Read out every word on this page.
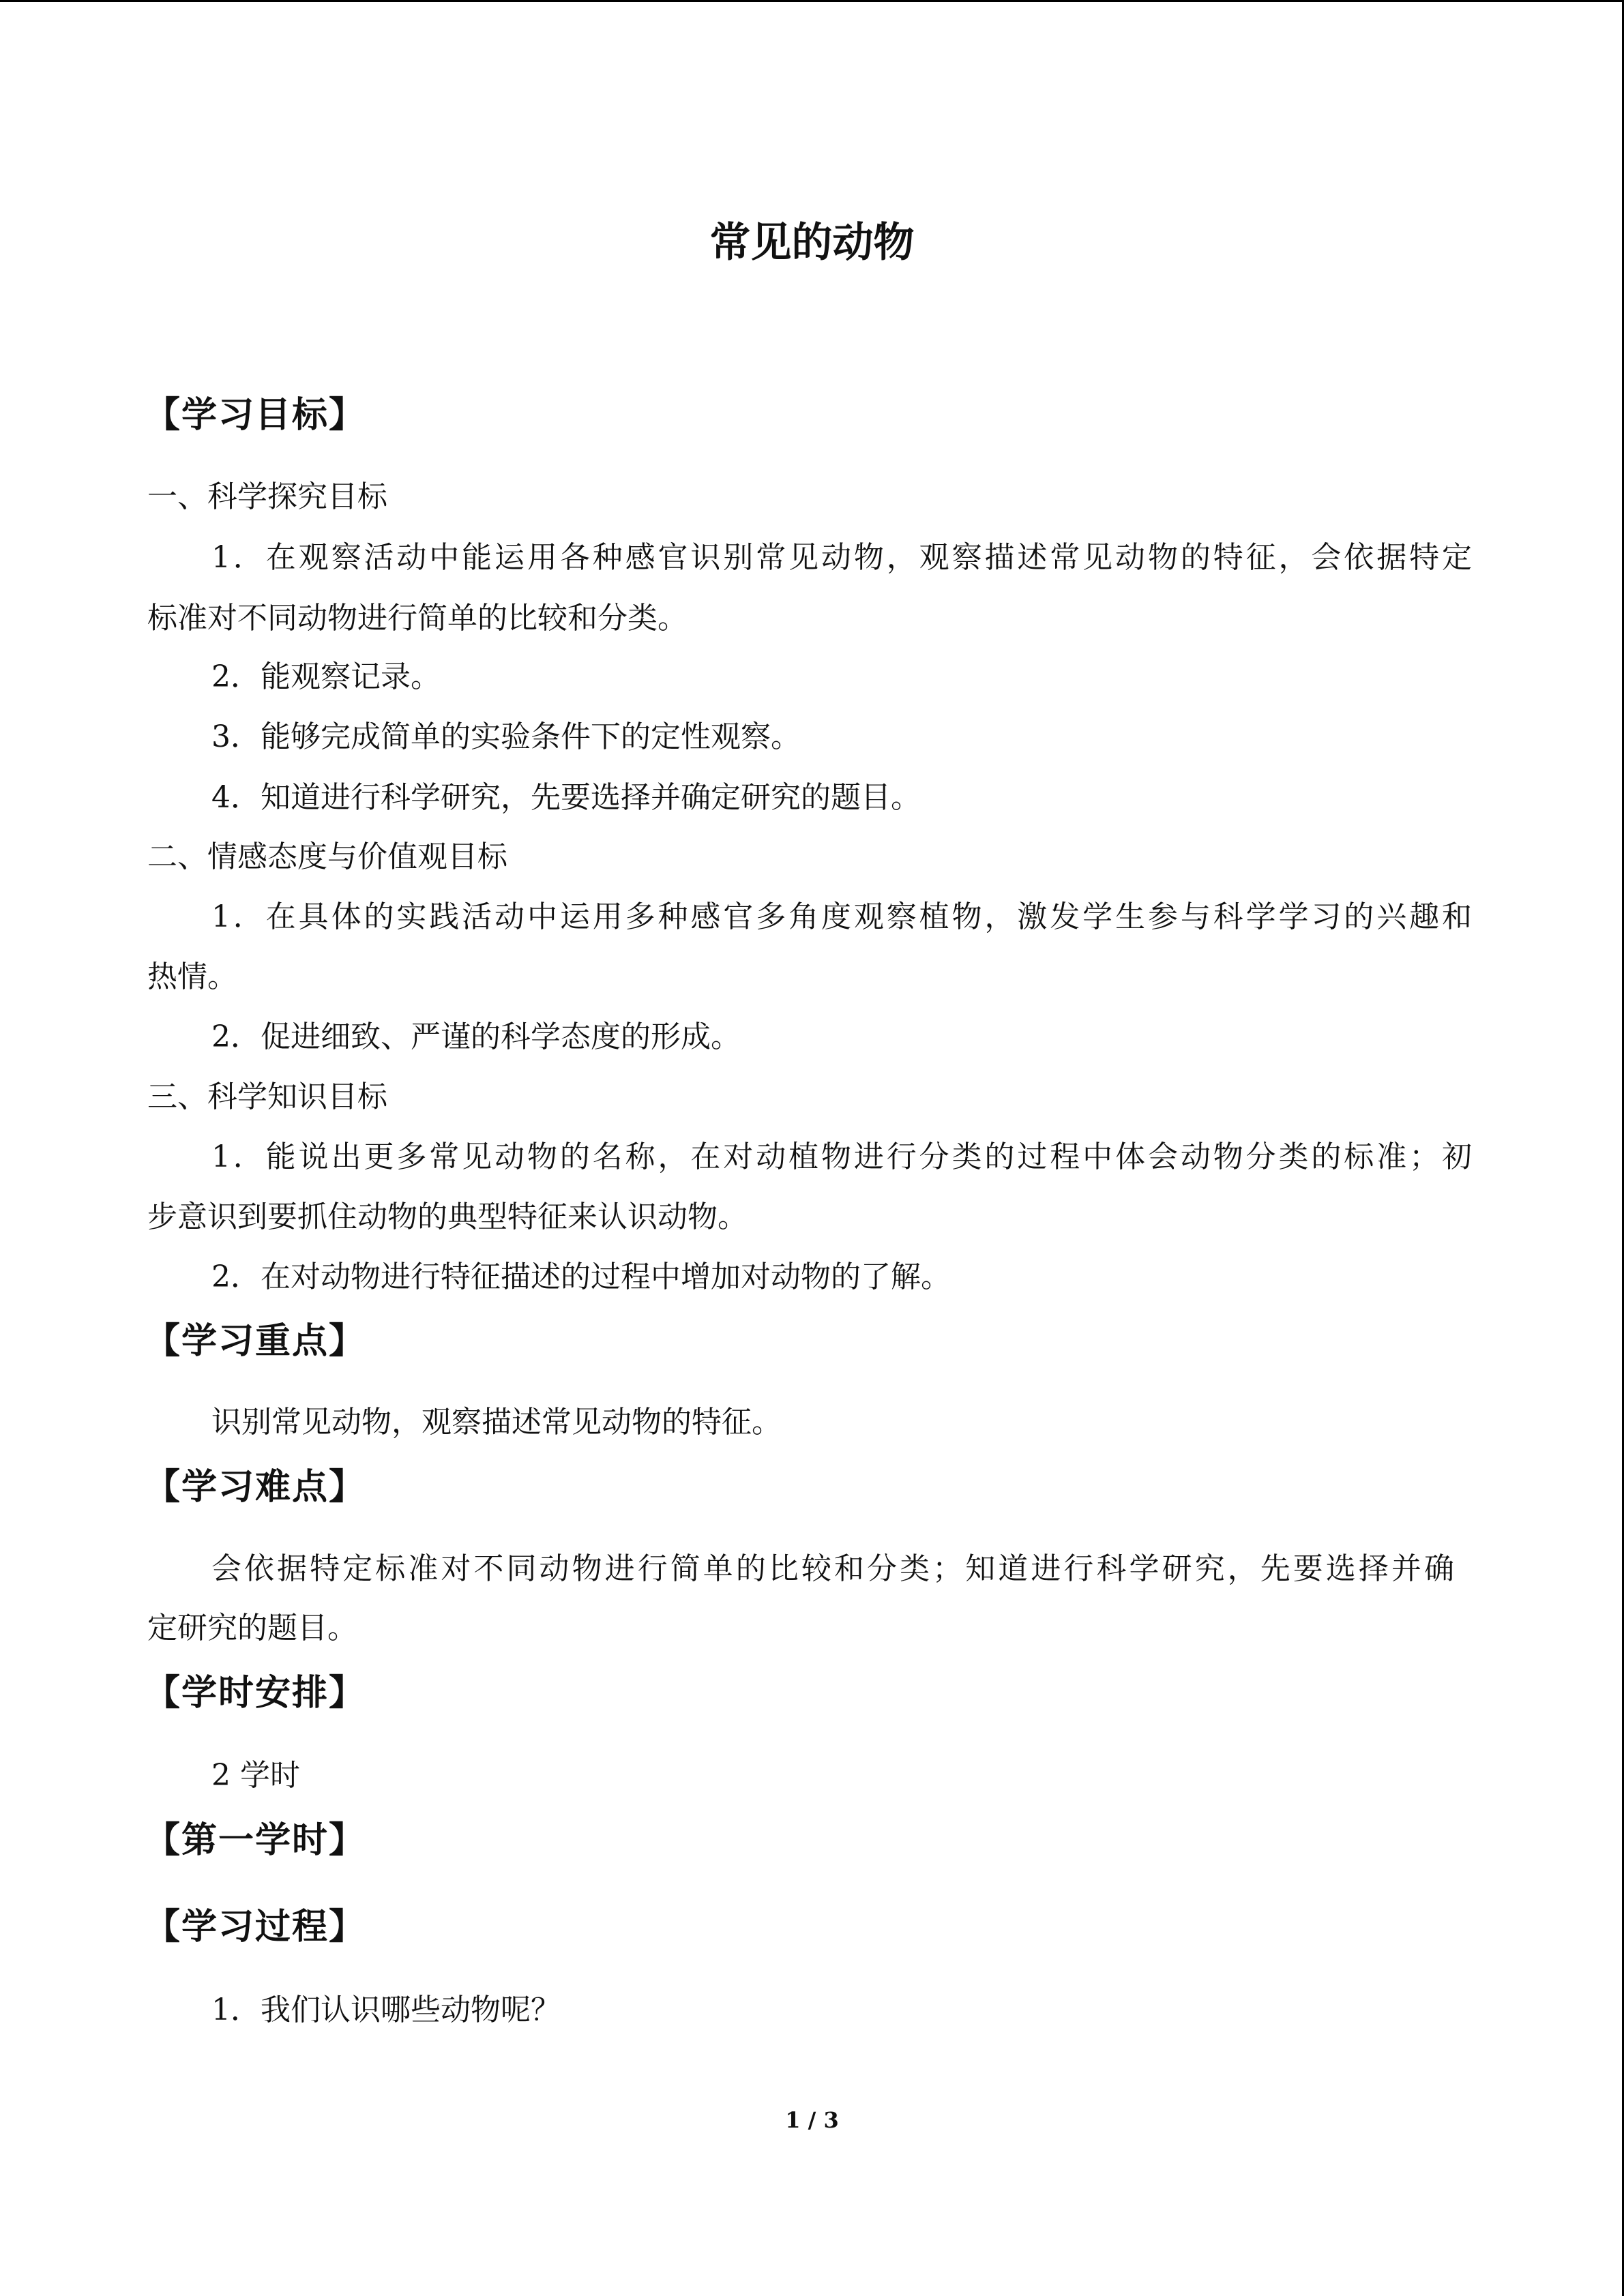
常见的动物
【学习目标】
一、科学探究目标
1．在观察活动中能运用各种感官识别常见动物，观察描述常见动物的特征，会依据特定
标准对不同动物进行简单的比较和分类。
2．能观察记录。
3．能够完成简单的实验条件下的定性观察。
4．知道进行科学研究，先要选择并确定研究的题目。
二、情感态度与价值观目标
1．在具体的实践活动中运用多种感官多角度观察植物，激发学生参与科学学习的兴趣和
热情。
2．促进细致、严谨的科学态度的形成。
三、科学知识目标
1．能说出更多常见动物的名称，在对动植物进行分类的过程中体会动物分类的标准；初
步意识到要抓住动物的典型特征来认识动物。
2．在对动物进行特征描述的过程中增加对动物的了解。
【学习重点】
识别常见动物，观察描述常见动物的特征。
【学习难点】
会依据特定标准对不同动物进行简单的比较和分类；知道进行科学研究，先要选择并确
定研究的题目。
【学时安排】
2 学时
【第一学时】
【学习过程】
1．我们认识哪些动物呢？
1 / 3
